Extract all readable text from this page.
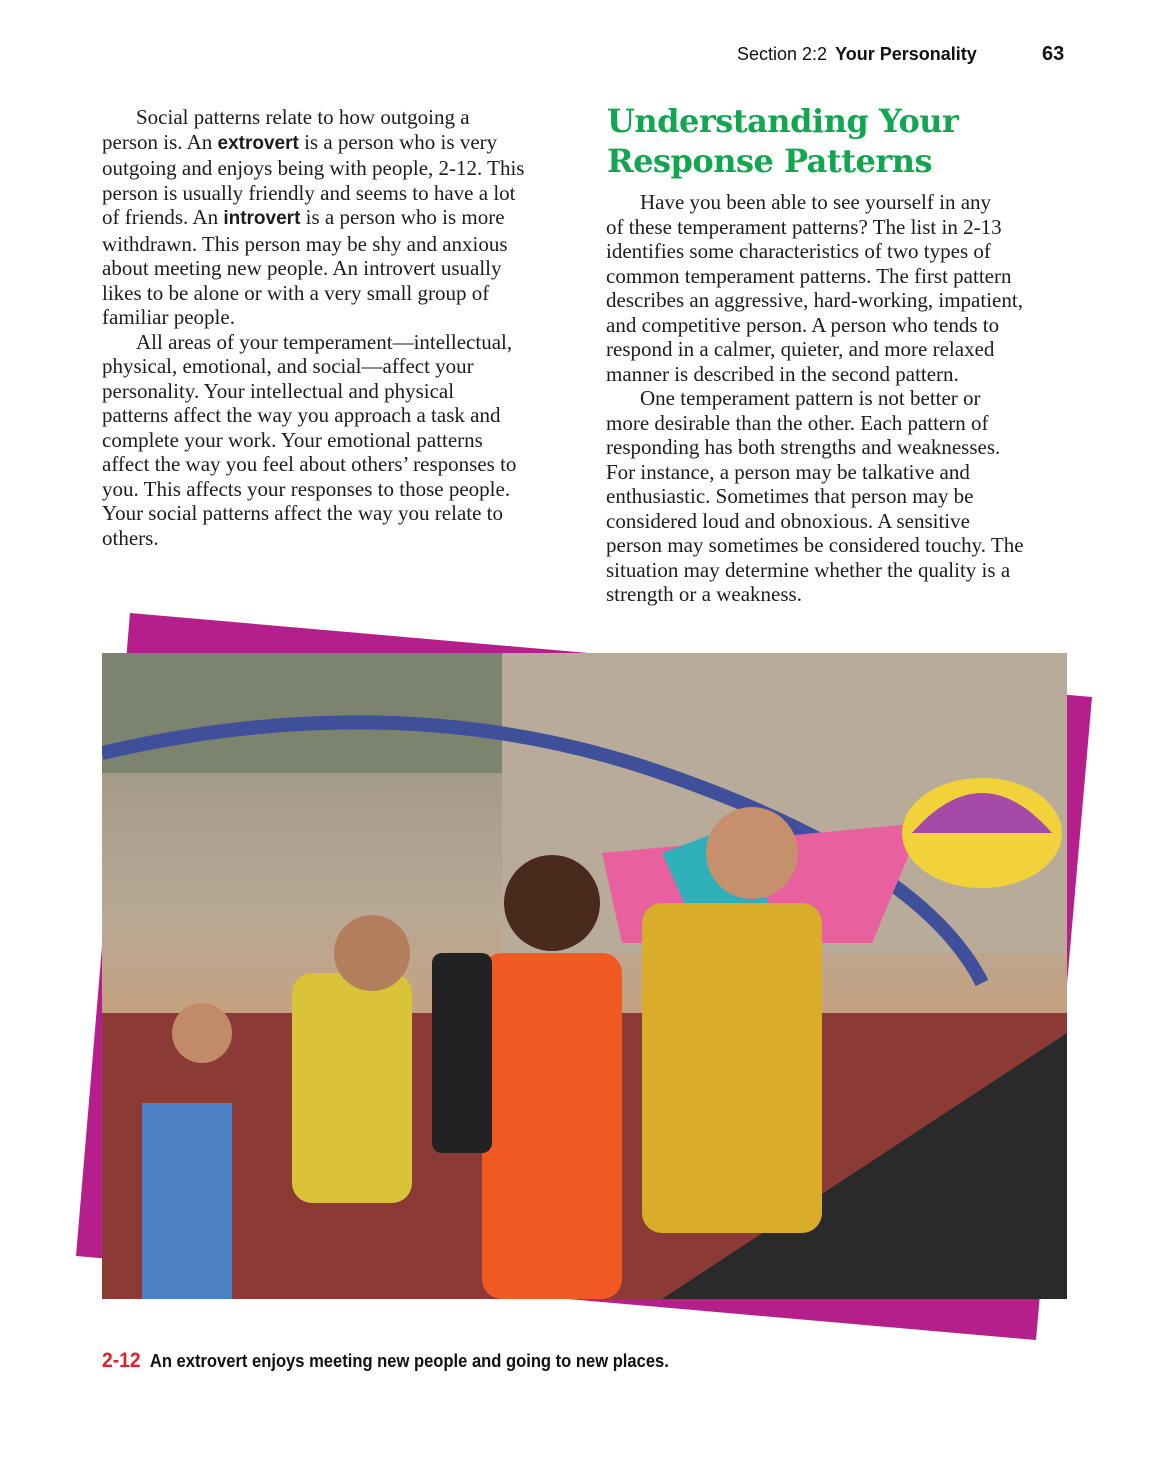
Section 2:2 Your Personality	63
Social patterns relate to how outgoing a
person is. An extrovert is a person who is very
outgoing and enjoys being with people, 2-12. This
person is usually friendly and seems to have a lot
of friends. An introvert is a person who is more
withdrawn. This person may be shy and anxious
about meeting new people. An introvert usually
likes to be alone or with a very small group of
familiar people.
All areas of your temperament—intellectual,
physical, emotional, and social—affect your
personality. Your intellectual and physical
patterns affect the way you approach a task and
complete your work. Your emotional patterns
affect the way you feel about others’ responses to
you. This affects your responses to those people.
Your social patterns affect the way you relate to
others.
Understanding Your
Response Patterns
Have you been able to see yourself in any
of these temperament patterns? The list in 2-13
identifies some characteristics of two types of
common temperament patterns. The first pattern
describes an aggressive, hard-working, impatient,
and competitive person. A person who tends to
respond in a calmer, quieter, and more relaxed
manner is described in the second pattern.
One temperament pattern is not better or
more desirable than the other. Each pattern of
responding has both strengths and weaknesses.
For instance, a person may be talkative and
enthusiastic. Sometimes that person may be
considered loud and obnoxious. A sensitive
person may sometimes be considered touchy. The
situation may determine whether the quality is a
strength or a weakness.
2-12 An extrovert enjoys meeting new people and going to new places.
